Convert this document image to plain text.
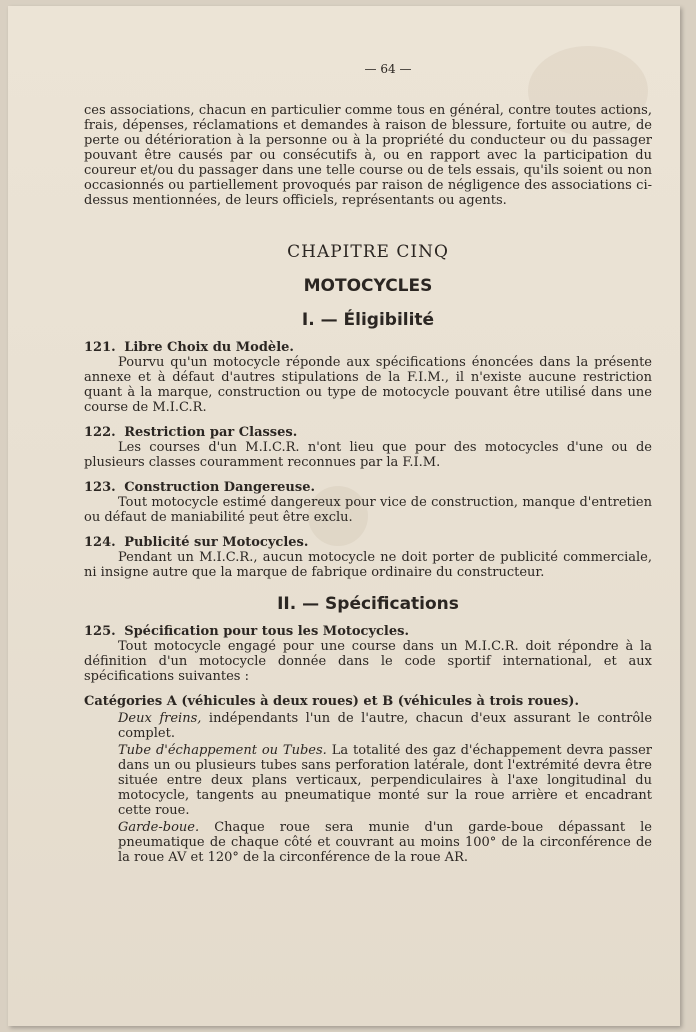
— 64 —

ces associations, chacun en particulier comme tous en général, contre toutes actions, frais, dépenses, réclamations et demandes à raison de blessure, fortuite ou autre, de perte ou détérioration à la personne ou à la propriété du conducteur ou du passager pouvant être causés par ou consécutifs à, ou en rapport avec la participation du coureur et/ou du passager dans une telle course ou de tels essais, qu'ils soient ou non occasionnés ou partiellement provoqués par raison de négligence des associations ci-dessus mentionnées, de leurs officiels, représentants ou agents.

CHAPITRE CINQ
MOTOCYCLES
I. — Éligibilité
121. Libre Choix du Modèle.

Pourvu qu'un motocycle réponde aux spécifications énoncées dans la présente annexe et à défaut d'autres stipulations de la F.I.M., il n'existe aucune restriction quant à la marque, construction ou type de motocycle pouvant être utilisé dans une course de M.I.C.R.

122. Restriction par Classes.

Les courses d'un M.I.C.R. n'ont lieu que pour des motocycles d'une ou de plusieurs classes couramment reconnues par la F.I.M.

123. Construction Dangereuse.

Tout motocycle estimé dangereux pour vice de construction, manque d'entretien ou défaut de maniabilité peut être exclu.

124. Publicité sur Motocycles.

Pendant un M.I.C.R., aucun motocycle ne doit porter de publicité commerciale, ni insigne autre que la marque de fabrique ordinaire du constructeur.

II. — Spécifications
125. Spécification pour tous les Motocycles.

Tout motocycle engagé pour une course dans un M.I.C.R. doit répondre à la définition d'un motocycle donnée dans le code sportif international, et aux spécifications suivantes :

Catégories A (véhicules à deux roues) et B (véhicules à trois roues).
Deux freins, indépendants l'un de l'autre, chacun d'eux assurant le contrôle complet.
Tube d'échappement ou Tubes. La totalité des gaz d'échappement devra passer dans un ou plusieurs tubes sans perforation latérale, dont l'extrémité devra être située entre deux plans verticaux, perpendiculaires à l'axe longitudinal du motocycle, tangents au pneumatique monté sur la roue arrière et encadrant cette roue.
Garde-boue. Chaque roue sera munie d'un garde-boue dépassant le pneumatique de chaque côté et couvrant au moins 100° de la circonférence de la roue AV et 120° de la circonférence de la roue AR.
